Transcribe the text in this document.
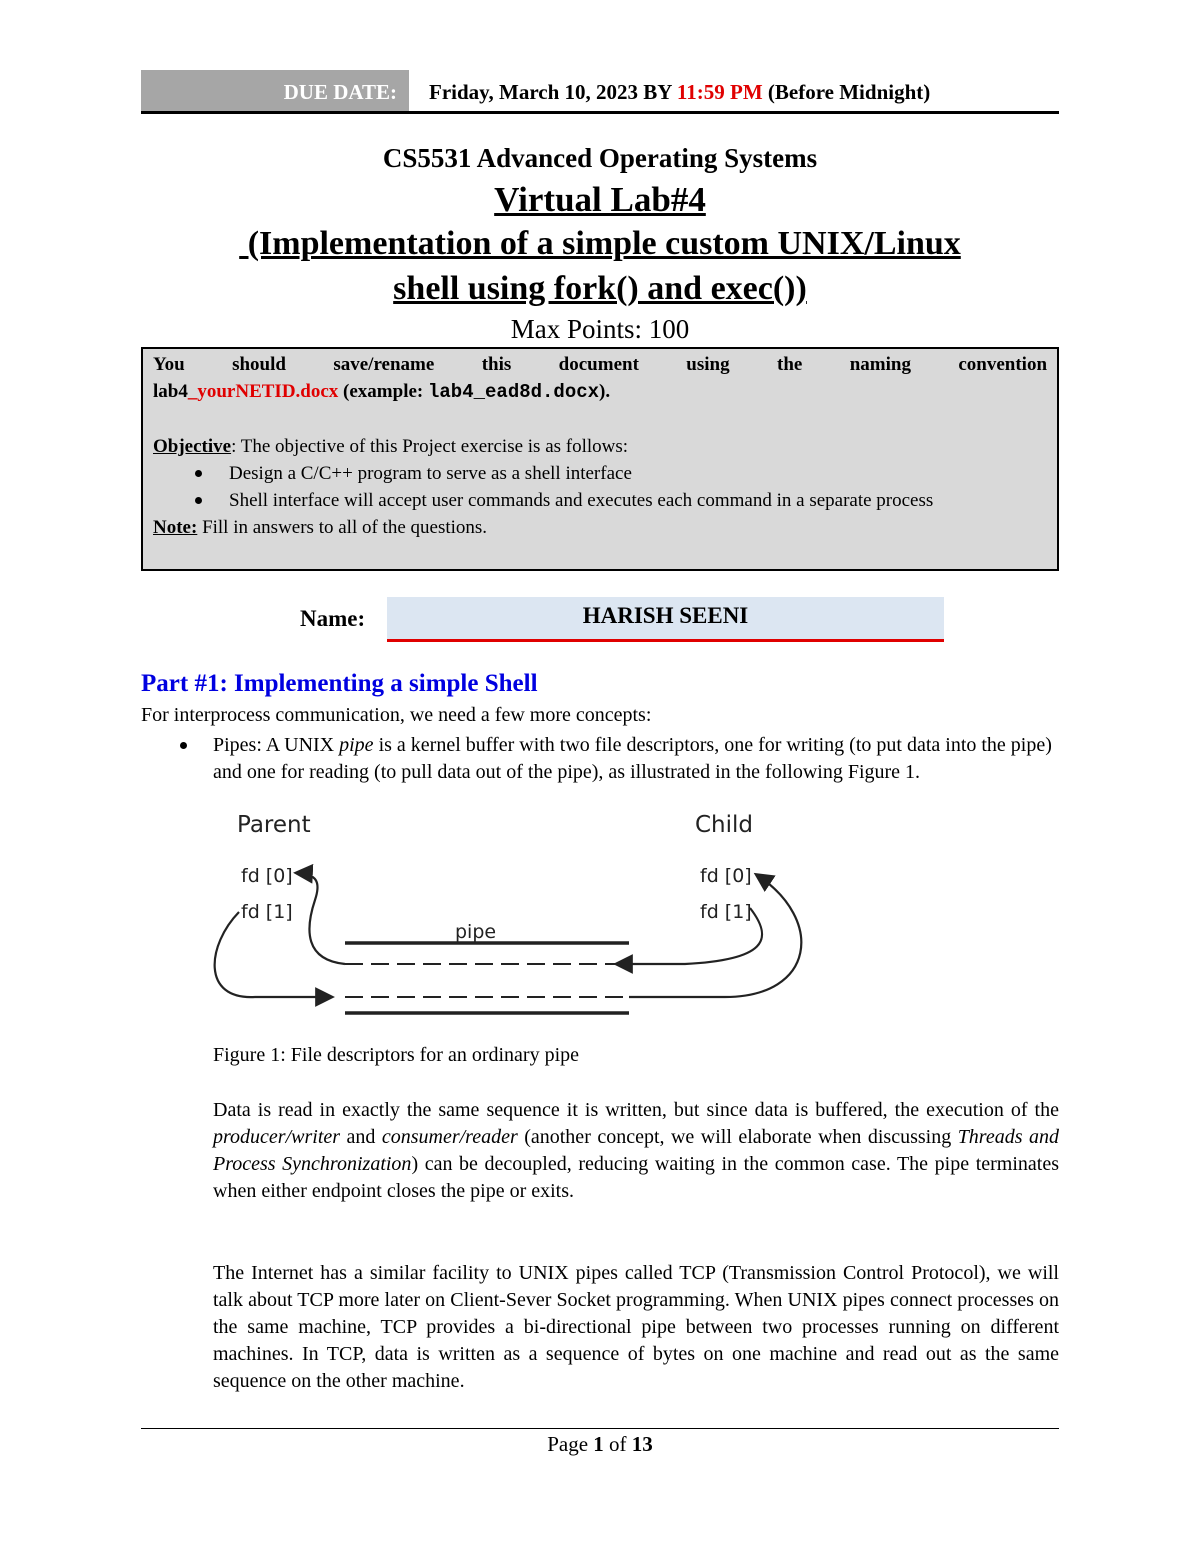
DUE DATE:	Friday, March 10, 2023 BY 11:59 PM (Before Midnight)
CS5531 Advanced Operating Systems
Virtual Lab#4
(Implementation of a simple custom UNIX/Linux
shell using fork() and exec())
Max Points: 100
You should save/rename this document using the naming convention
lab4_yourNETID.docx (example: lab4_ead8d.docx).
Objective: The objective of this Project exercise is as follows:
Design a C/C++ program to serve as a shell interface
Shell interface will accept user commands and executes each command in a separate process
Note: Fill in answers to all of the questions.
Name:	HARISH SEENI
Part #1: Implementing a simple Shell
For interprocess communication, we need a few more concepts:
Pipes: A UNIX pipe is a kernel buffer with two file descriptors, one for writing (to put data into the pipe) and one for reading (to pull data out of the pipe), as illustrated in the following Figure 1.
Parent	Child
fd [0]
fd [1]
fd [0]
fd [1]
pipe
Figure 1: File descriptors for an ordinary pipe
Data is read in exactly the same sequence it is written, but since data is buffered, the execution of the producer/writer and consumer/reader (another concept, we will elaborate when discussing Threads and Process Synchronization) can be decoupled, reducing waiting in the common case. The pipe terminates when either endpoint closes the pipe or exits.
The Internet has a similar facility to UNIX pipes called TCP (Transmission Control Protocol), we will talk about TCP more later on Client-Sever Socket programming. When UNIX pipes connect processes on the same machine, TCP provides a bi-directional pipe between two processes running on different machines. In TCP, data is written as a sequence of bytes on one machine and read out as the same sequence on the other machine.
Page 1 of 13
